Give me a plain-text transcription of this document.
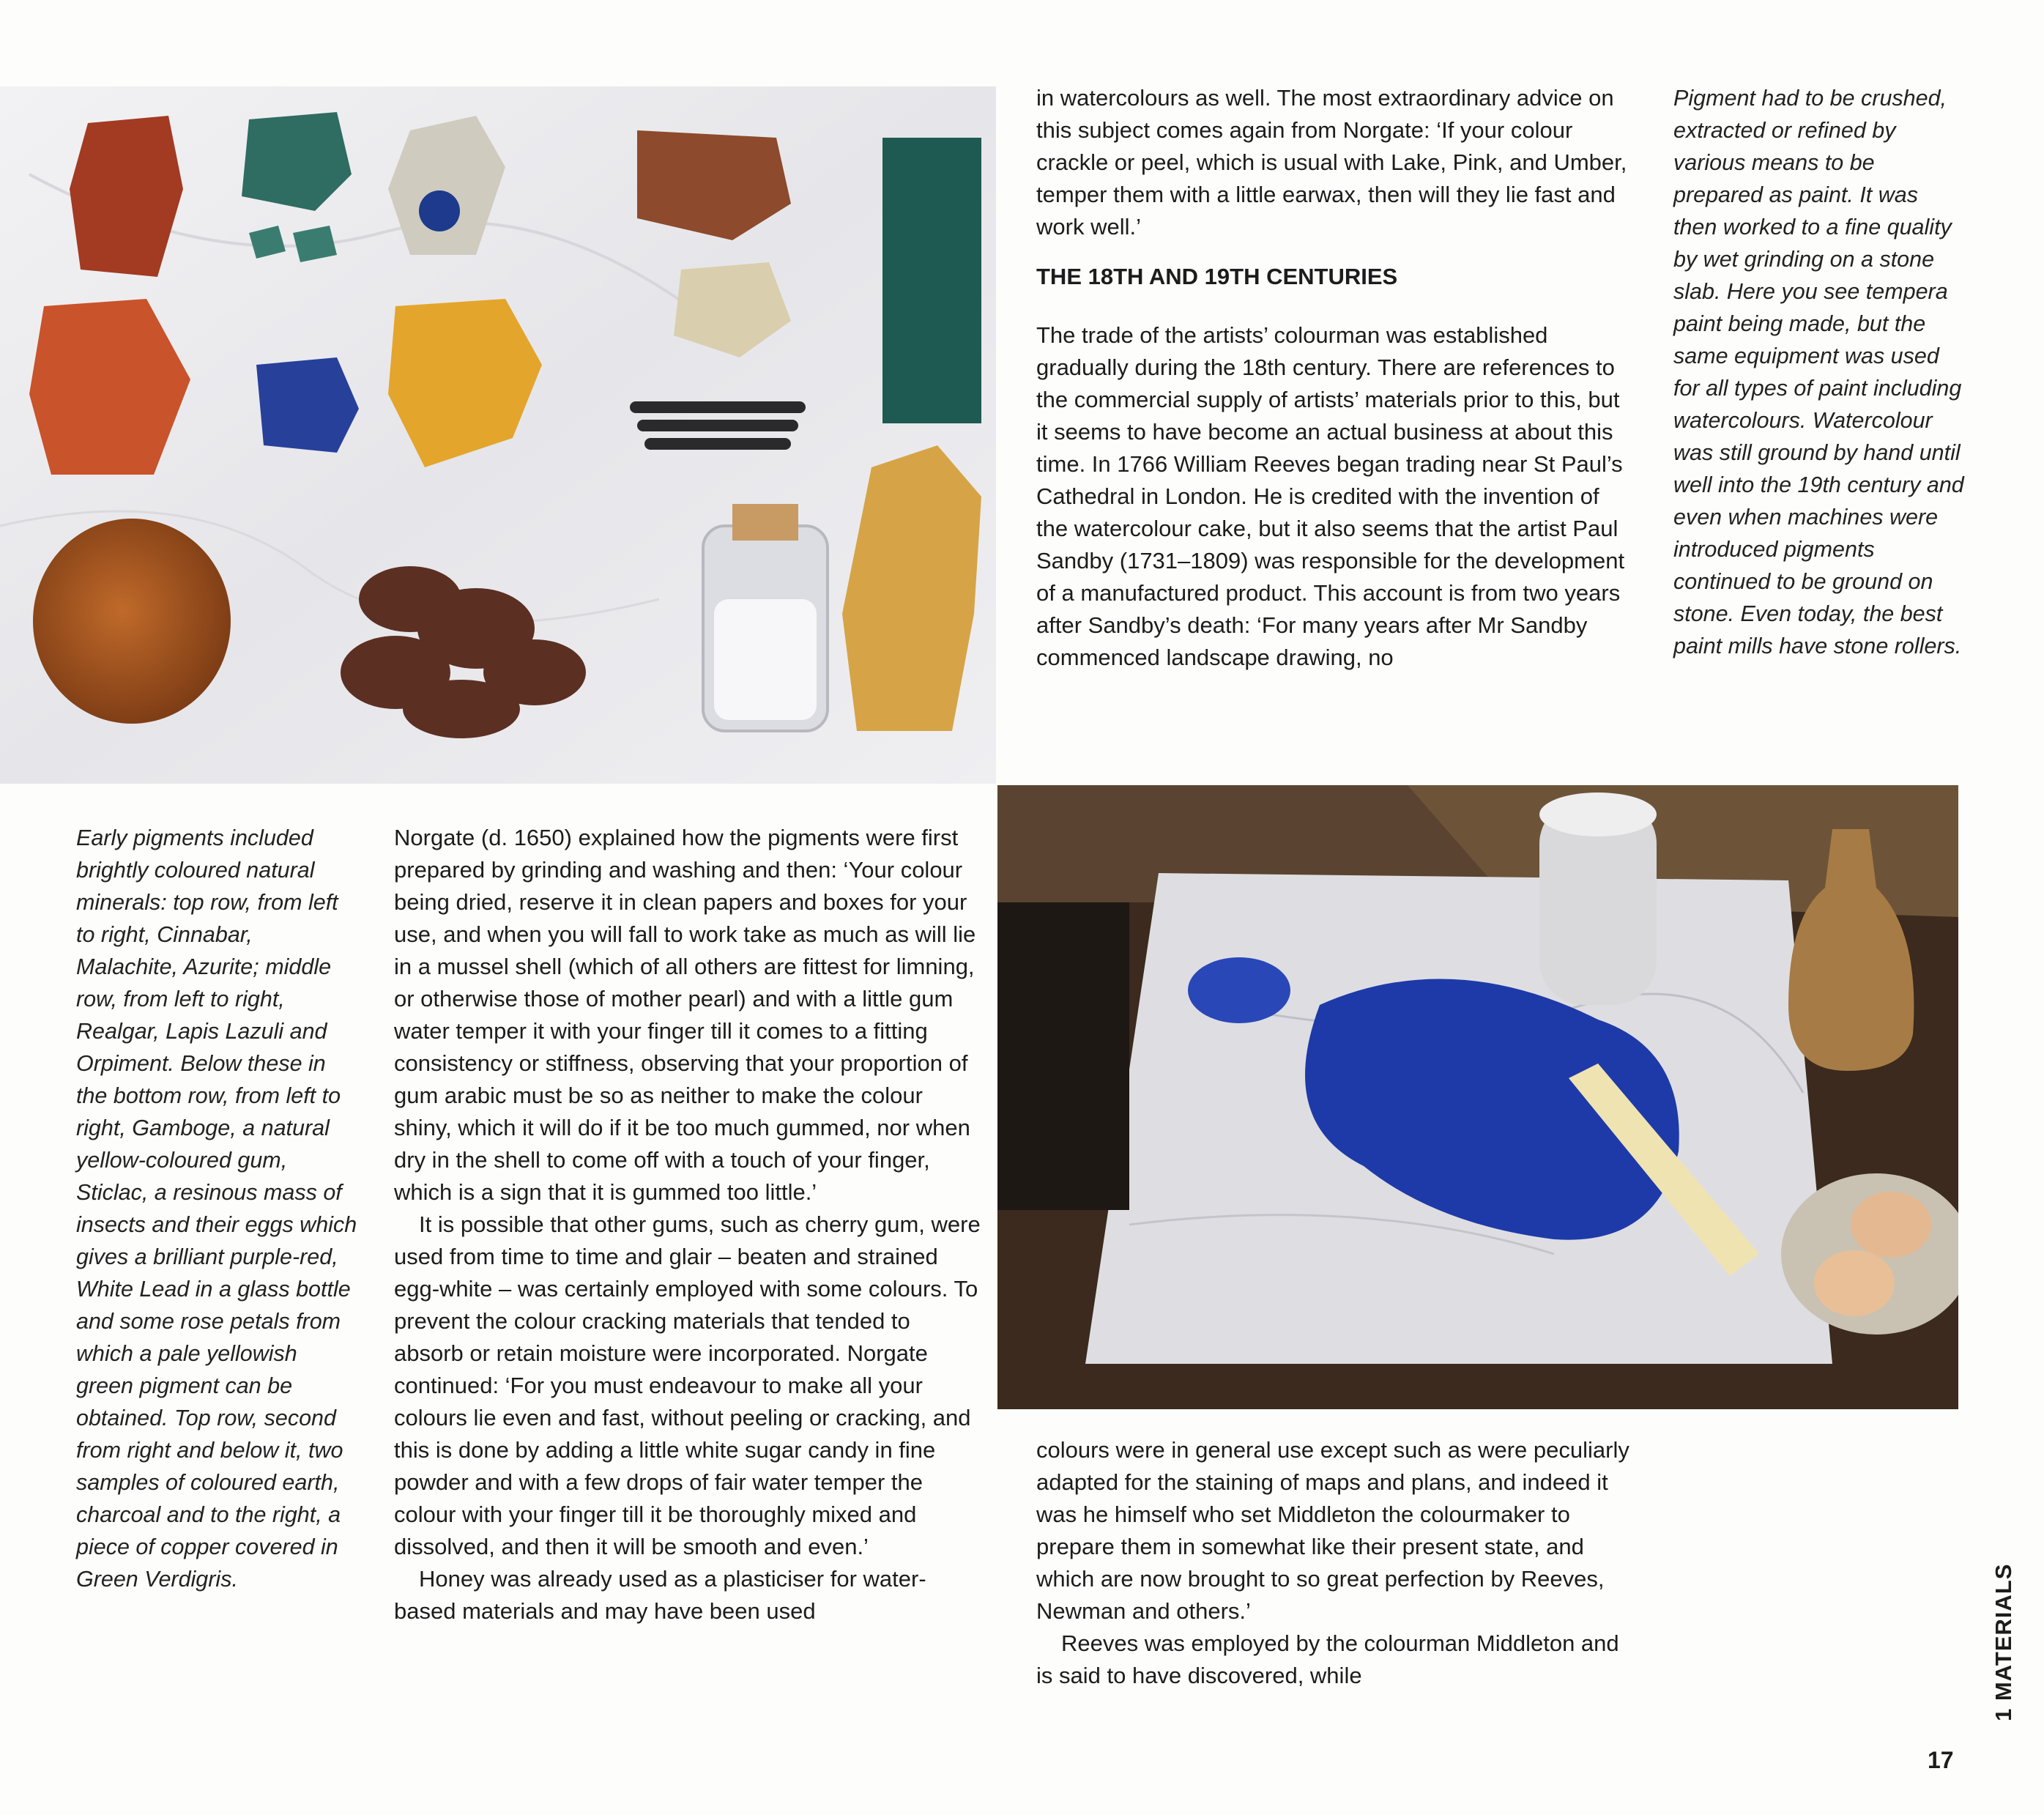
Early pigments included brightly coloured natural minerals: top row, from left to right, Cinnabar, Malachite, Azurite; middle row, from left to right, Realgar, Lapis Lazuli and Orpiment. Below these in the bottom row, from left to right, Gamboge, a natural yellow-coloured gum, Sticlac, a resinous mass of insects and their eggs which gives a brilliant purple-red, White Lead in a glass bottle and some rose petals from which a pale yellowish green pigment can be obtained. Top row, second from right and below it, two samples of coloured earth, charcoal and to the right, a piece of copper covered in Green Verdigris.

Pigment had to be crushed, extracted or refined by various means to be prepared as paint. It was then worked to a fine quality by wet grinding on a stone slab. Here you see tempera paint being made, but the same equipment was used for all types of paint including watercolours. Watercolour was still ground by hand until well into the 19th century and even when machines were introduced pigments continued to be ground on stone. Even today, the best paint mills have stone rollers.

Norgate (d. 1650) explained how the pigments were first prepared by grinding and washing and then: ‘Your colour being dried, reserve it in clean papers and boxes for your use, and when you will fall to work take as much as will lie in a mussel shell (which of all others are fittest for limning, or otherwise those of mother pearl) and with a little gum water temper it with your finger till it comes to a fitting consistency or stiffness, observing that your proportion of gum arabic must be so as neither to make the colour shiny, which it will do if it be too much gummed, nor when dry in the shell to come off with a touch of your finger, which is a sign that it is gummed too little.’

It is possible that other gums, such as cherry gum, were used from time to time and glair – beaten and strained egg-white – was certainly employed with some colours. To prevent the colour cracking materials that tended to absorb or retain moisture were incorporated. Norgate continued: ‘For you must endeavour to make all your colours lie even and fast, without peeling or cracking, and this is done by adding a little white sugar candy in fine powder and with a few drops of fair water temper the colour with your finger till it be thoroughly mixed and dissolved, and then it will be smooth and even.’

Honey was already used as a plasticiser for water-based materials and may have been used

in watercolours as well. The most extraordinary advice on this subject comes again from Norgate: ‘If your colour crackle or peel, which is usual with Lake, Pink, and Umber, temper them with a little earwax, then will they lie fast and work well.’

THE 18TH AND 19TH CENTURIES

The trade of the artists’ colourman was established gradually during the 18th century. There are references to the commercial supply of artists’ materials prior to this, but it seems to have become an actual business at about this time. In 1766 William Reeves began trading near St Paul’s Cathedral in London. He is credited with the invention of the watercolour cake, but it also seems that the artist Paul Sandby (1731–1809) was responsible for the development of a manufactured product. This account is from two years after Sandby’s death: ‘For many years after Mr Sandby commenced landscape drawing, no

colours were in general use except such as were peculiarly adapted for the staining of maps and plans, and indeed it was he himself who set Middleton the colourmaker to prepare them in somewhat like their present state, and which are now brought to so great perfection by Reeves, Newman and others.’

Reeves was employed by the colourman Middleton and is said to have discovered, while	1 MATERIALS
17
